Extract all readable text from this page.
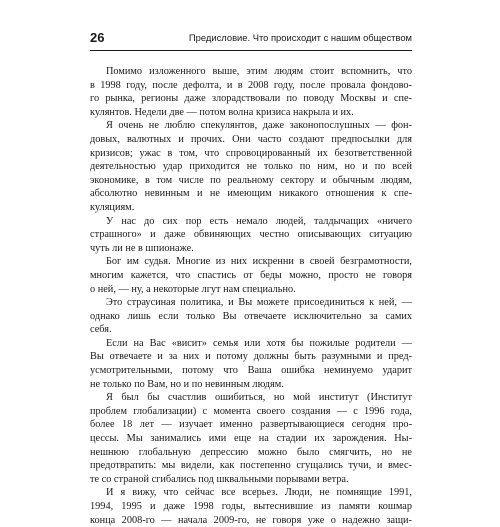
26	Предисловие. Что происходит с нашим обществом

Помимо изложенного выше, этим людям стоит вспомнить, что
в 1998 году, после дефолта, и в 2008 году, после провала фондово-
го рынка, регионы даже злорадствовали по поводу Москвы и спе-
кулянтов. Недели две — потом волна кризиса накрыла и их.

Я очень не люблю спекулянтов, даже законопослушных — фон-
довых, валютных и прочих. Они часто создают предпосылки для
кризисов; ужас в том, что спровоцированный их безответственной
деятельностью удар приходится не только по ним, но и по всей
экономике, в том числе по реальному сектору и обычным людям,
абсолютно невинным и не имеющим никакого отношения к спе-
куляциям.

У нас до сих пор есть немало людей, талдычащих «ничего
страшного» и даже обвиняющих честно описывающих ситуацию
чуть ли не в шпионаже.

Бог им судья. Многие из них искренни в своей безграмотности,
многим кажется, что спастись от беды можно, просто не говоря
о ней, — ну, а некоторые лгут нам специально.

Это страусиная политика, и Вы можете присоединиться к ней, —
однако лишь если только Вы отвечаете исключительно за самих
себя.

Если на Вас «висит» семья или хотя бы пожилые родители —
Вы отвечаете и за них и потому должны быть разумными и пред-
усмотрительными, потому что Ваша ошибка неминуемо ударит
не только по Вам, но и по невинным людям.

Я был бы счастлив ошибиться, но мой институт (Институт
проблем глобализации) с момента своего создания — с 1996 года,
более 18 лет — изучает именно развертывающиеся сегодня про-
цессы. Мы занимались ими еще на стадии их зарождения. Ны-
нешнюю глобальную депрессию можно было смягчить, но не
предотвратить: мы видели, как постепенно сгущались тучи, и вмес-
те со страной сгибались под шквальными порывами ветра.

И я вижу, что сейчас все всерьез. Люди, не помнящие 1991,
1994, 1995 и даже 1998 годы, вытеснившие из памяти кошмар
конца 2008-го — начала 2009-го, не говоря уже о надежно защи-
